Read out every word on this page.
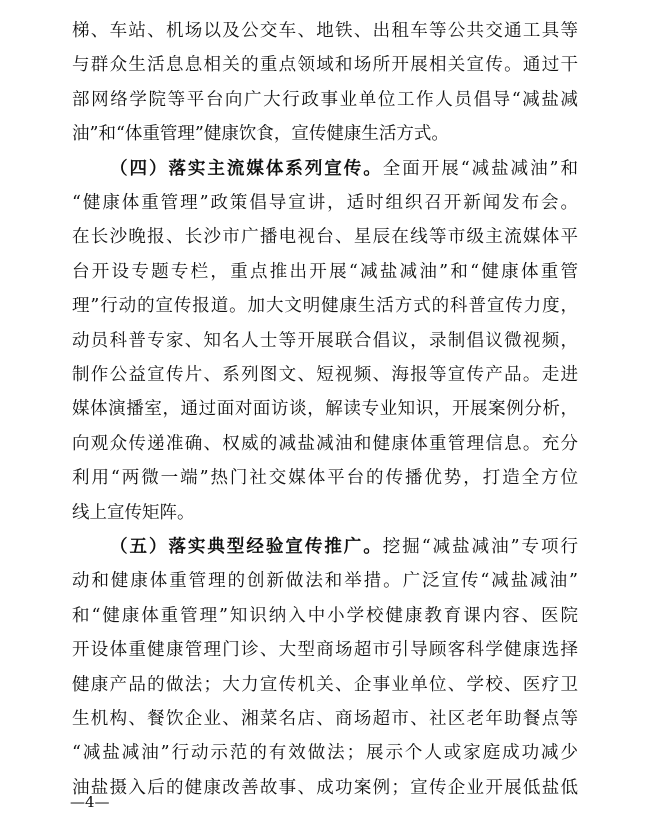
梯、车站、机场以及公交车、地铁、出租车等公共交通工具等
与群众生活息息相关的重点领域和场所开展相关宣传。通过干
部网络学院等平台向广大行政事业单位工作人员倡导“减盐减
油”和“体重管理”健康饮食，宣传健康生活方式。
（四）落实主流媒体系列宣传。全面开展“减盐减油”和
“健康体重管理”政策倡导宣讲，适时组织召开新闻发布会。
在长沙晚报、长沙市广播电视台、星辰在线等市级主流媒体平
台开设专题专栏，重点推出开展“减盐减油”和“健康体重管
理”行动的宣传报道。加大文明健康生活方式的科普宣传力度，
动员科普专家、知名人士等开展联合倡议，录制倡议微视频，
制作公益宣传片、系列图文、短视频、海报等宣传产品。走进
媒体演播室，通过面对面访谈，解读专业知识，开展案例分析，
向观众传递准确、权威的减盐减油和健康体重管理信息。充分
利用“两微一端”热门社交媒体平台的传播优势，打造全方位
线上宣传矩阵。
（五）落实典型经验宣传推广。挖掘“减盐减油”专项行
动和健康体重管理的创新做法和举措。广泛宣传“减盐减油”
和“健康体重管理”知识纳入中小学校健康教育课内容、医院
开设体重健康管理门诊、大型商场超市引导顾客科学健康选择
健康产品的做法；大力宣传机关、企事业单位、学校、医疗卫
生机构、餐饮企业、湘菜名店、商场超市、社区老年助餐点等
“减盐减油”行动示范的有效做法；展示个人或家庭成功减少
油盐摄入后的健康改善故事、成功案例；宣传企业开展低盐低
—4—
